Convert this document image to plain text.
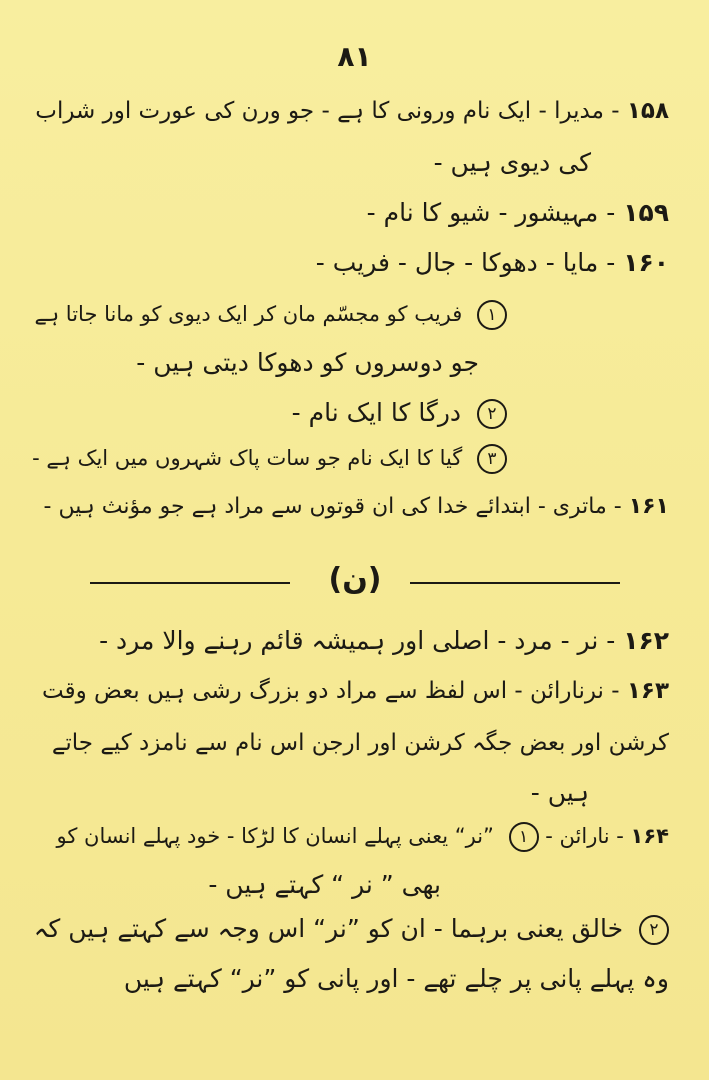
۸۱
۱۵۸ - مدیرا - ایک نام ورونی کا ہے - جو ورن کی عورت اور شراب
کی دیوی ہیں -
۱۵۹ - مہیشور - شیو کا نام -
۱۶۰ - مایا - دھوکا - جال - فریب -
۱ فریب کو مجسّم مان کر ایک دیوی کو مانا جاتا ہے
جو دوسروں کو دھوکا دیتی ہیں -
۲ درگا کا ایک نام -
۳ گیا کا ایک نام جو سات پاک شہروں میں ایک ہے -
۱۶۱ - ماتری - ابتدائے خدا کی ان قوتوں سے مراد ہے جو مؤنث ہیں -
(ن)
۱۶۲ - نر - مرد - اصلی اور ہمیشہ قائم رہنے والا مرد -
۱۶۳ - نرنارائن - اس لفظ سے مراد دو بزرگ رشی ہیں بعض وقت
کرشن اور بعض جگہ کرشن اور ارجن اس نام سے نامزد کیے جاتے
ہیں -
۱۶۴ - نارائن - ۱ ”نر“ یعنی پہلے انسان کا لڑکا - خود پہلے انسان کو
بھی ” نر “ کہتے ہیں -
۲ خالق یعنی برہما - ان کو ”نر“ اس وجہ سے کہتے ہیں کہ
وہ پہلے پانی پر چلے تھے - اور پانی کو ”نر“ کہتے ہیں
